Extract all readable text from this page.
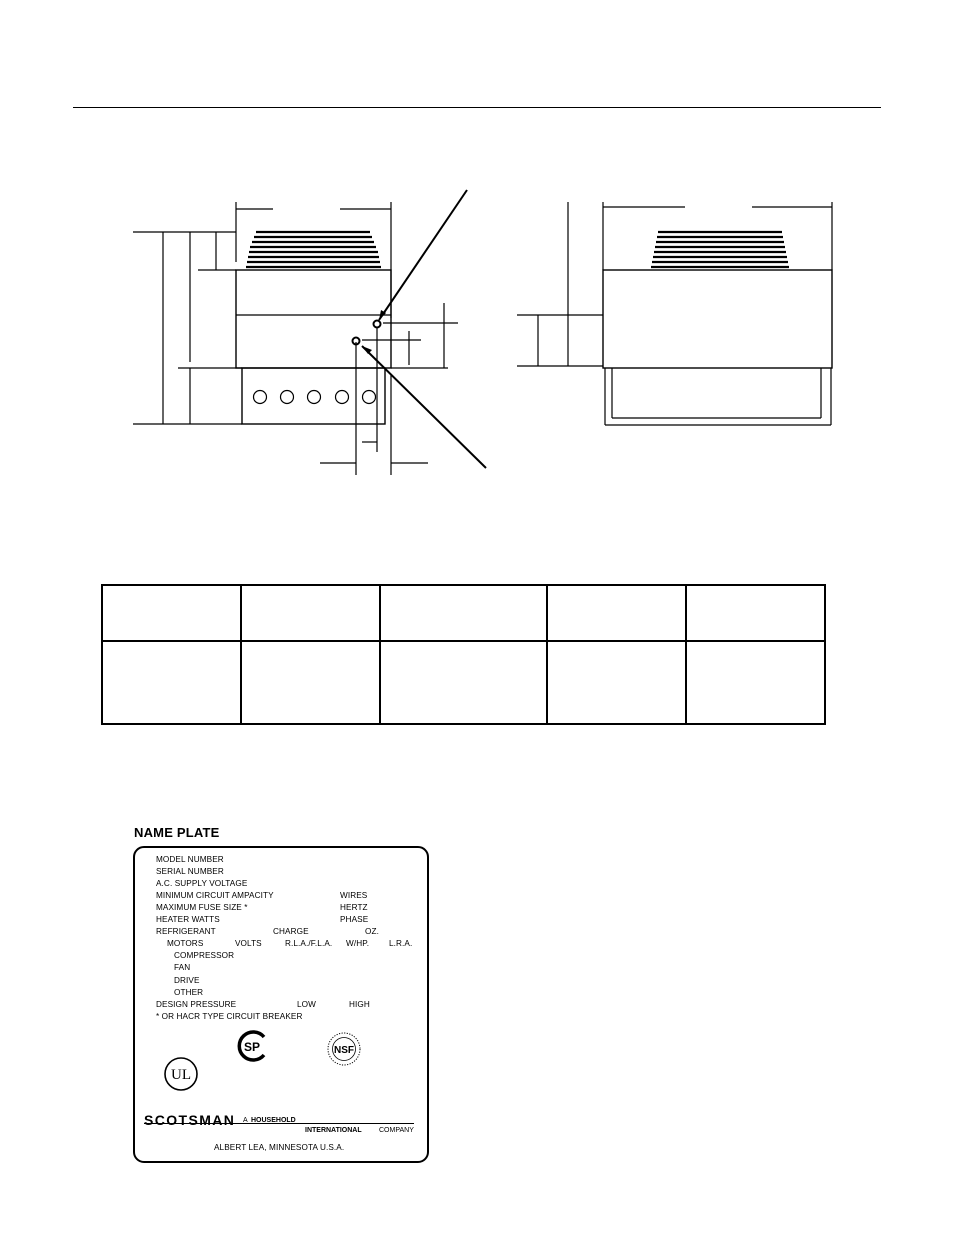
NAME PLATE
MODEL NUMBER
SERIAL NUMBER
A.C. SUPPLY VOLTAGE
MINIMUM CIRCUIT AMPACITY	WIRES
MAXIMUM FUSE SIZE *	HERTZ
HEATER WATTS	PHASE
REFRIGERANT	CHARGE	OZ.
MOTORS	VOLTS	R.L.A./F.L.A. W/HP. L.R.A.
COMPRESSOR
FAN
DRIVE
OTHER
DESIGN PRESSURE	LOW	HIGH
* OR HACR TYPE CIRCUIT BREAKER
SP	NSF
UL
SCOTSMAN A HOUSEHOLD
INTERNATIONAL COMPANY
ALBERT LEA, MINNESOTA U.S.A.
